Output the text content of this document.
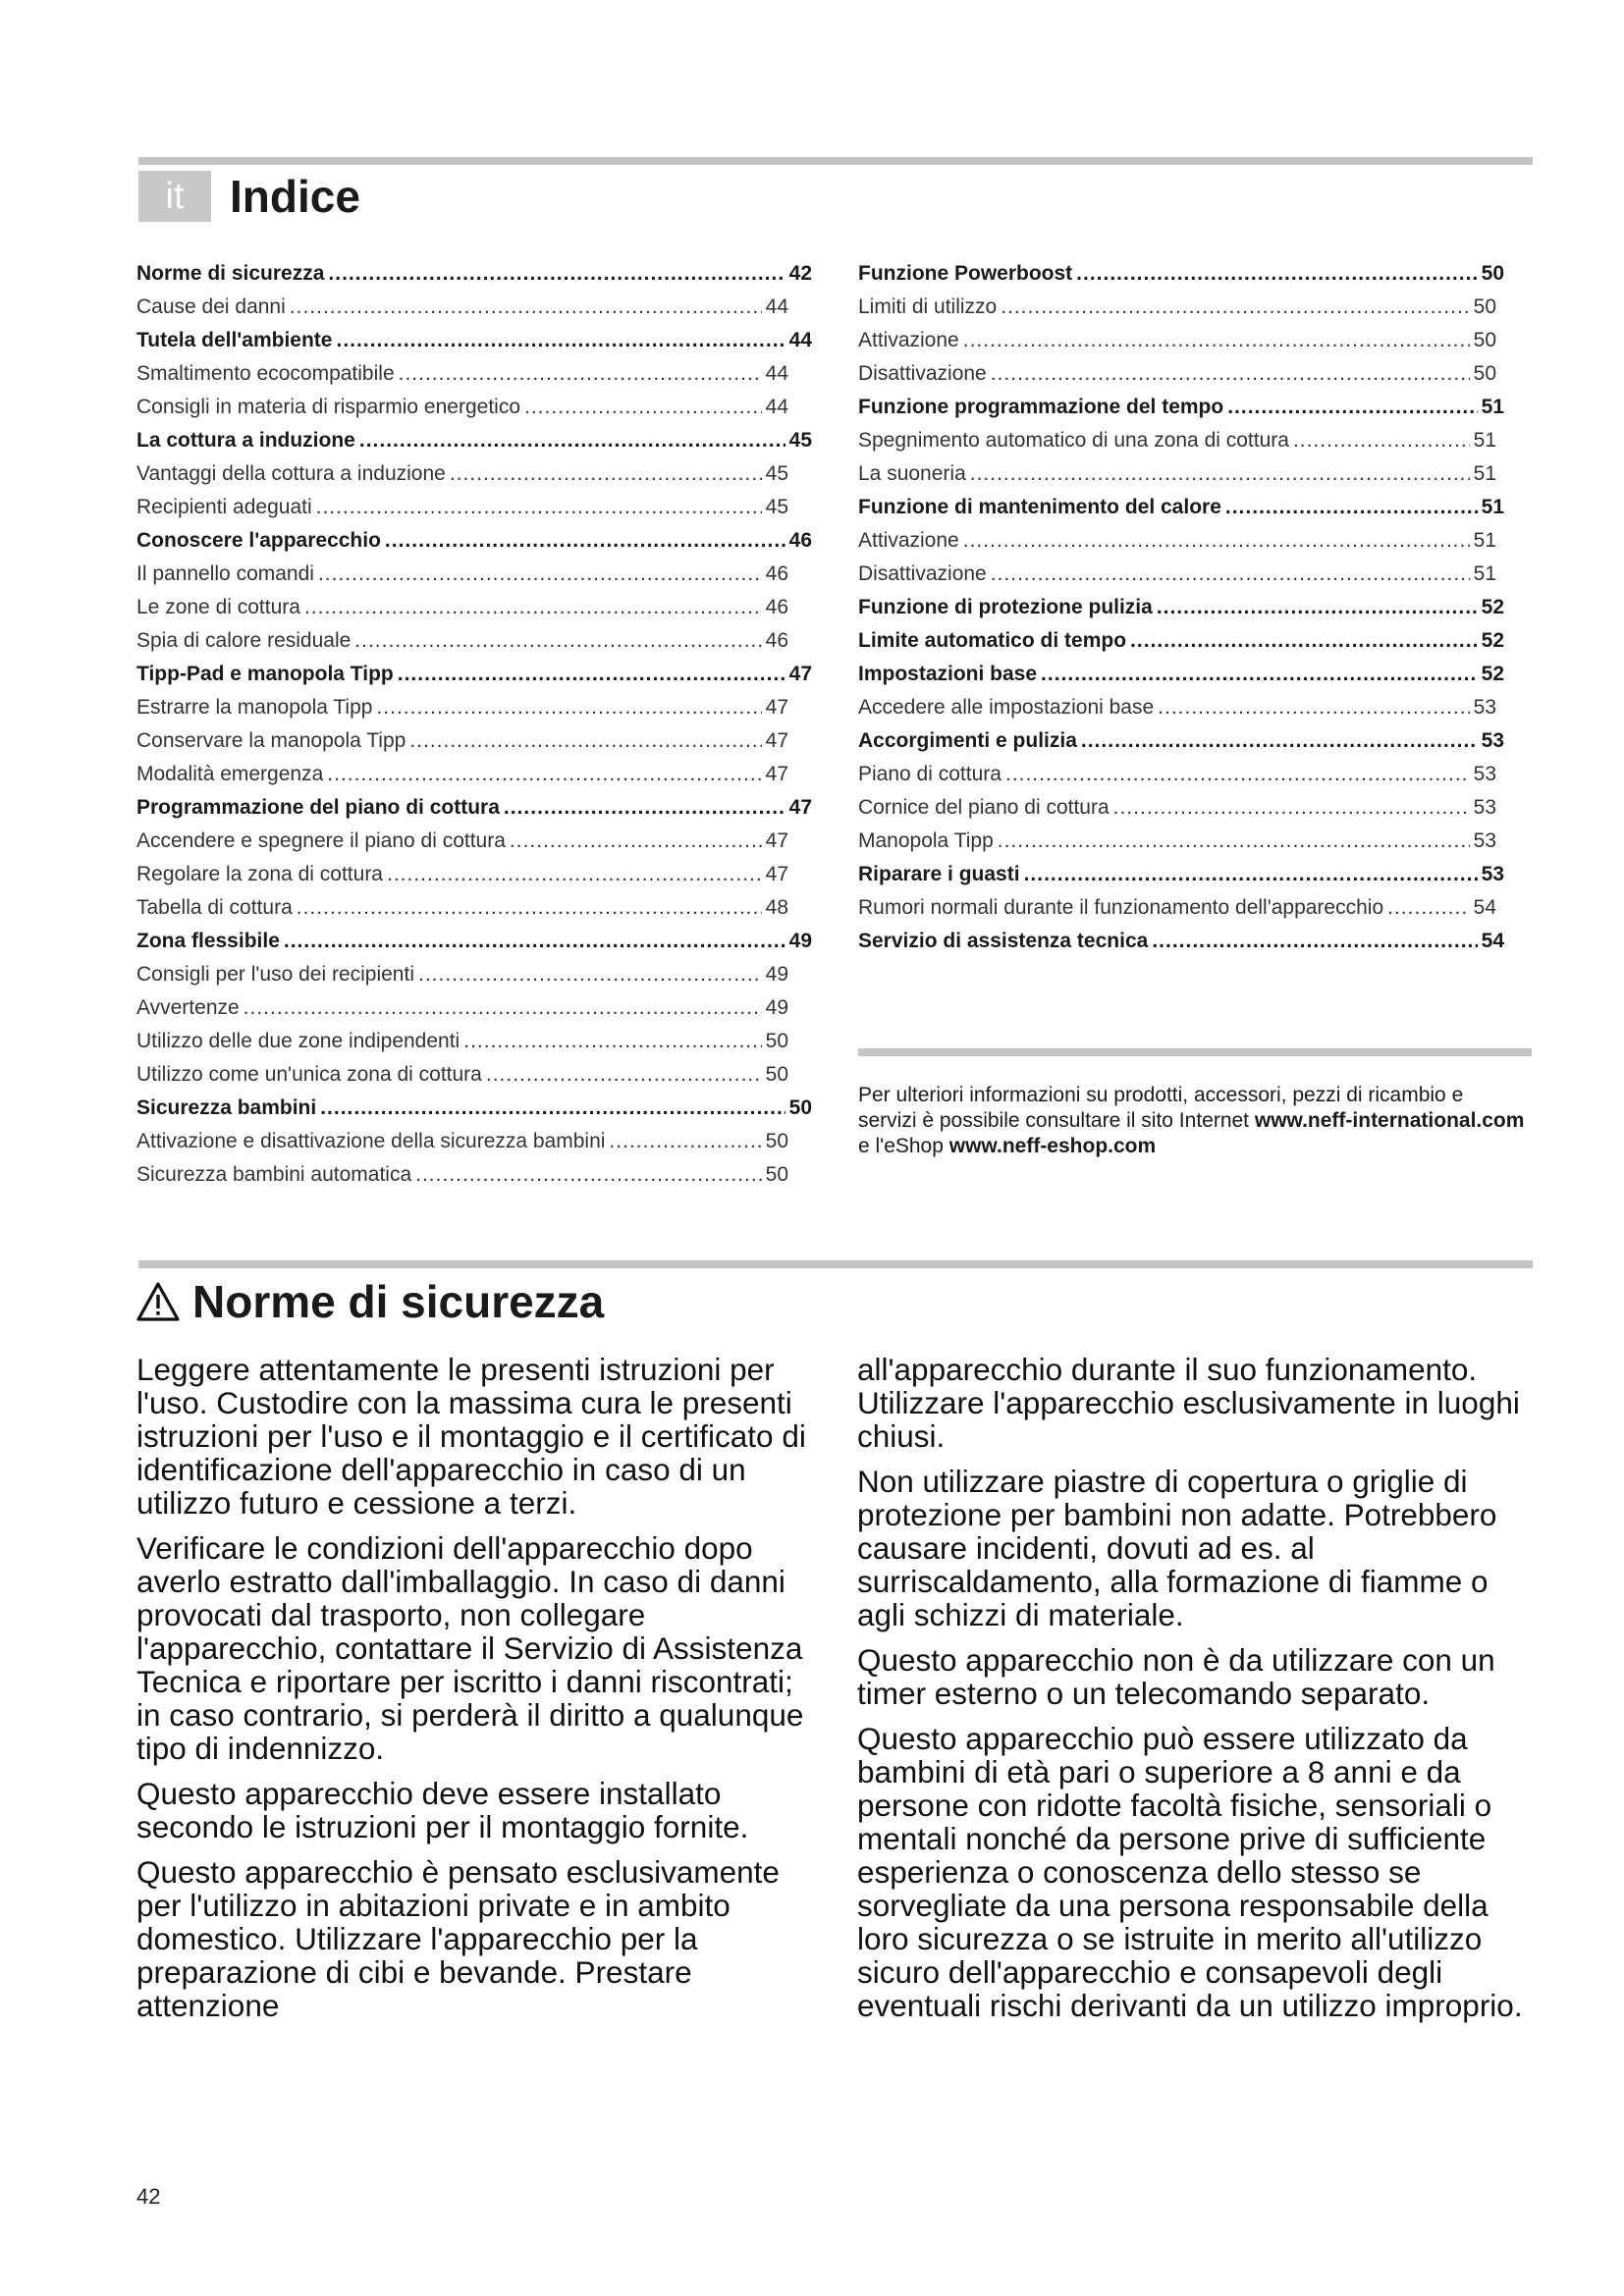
it	Indice
Norme di sicurezza .....	42
Cause dei danni .....	44
Tutela dell'ambiente .....	44
Smaltimento ecocompatibile .....	44
Consigli in materia di risparmio energetico .....	44
La cottura a induzione .....	45
Vantaggi della cottura a induzione .....	45
Recipienti adeguati .....	45
Conoscere l'apparecchio .....	46
Il pannello comandi .....	46
Le zone di cottura .....	46
Spia di calore residuale .....	46
Tipp-Pad e manopola Tipp .....	47
Estrarre la manopola Tipp .....	47
Conservare la manopola Tipp .....	47
Modalità emergenza .....	47
Programmazione del piano di cottura .....	47
Accendere e spegnere il piano di cottura .....	47
Regolare la zona di cottura .....	47
Tabella di cottura .....	48
Zona flessibile .....	49
Consigli per l'uso dei recipienti .....	49
Avvertenze .....	49
Utilizzo delle due zone indipendenti .....	50
Utilizzo come un'unica zona di cottura .....	50
Sicurezza bambini .....	50
Attivazione e disattivazione della sicurezza bambini .....	50
Sicurezza bambini automatica .....	50
Funzione Powerboost .....	50
Limiti di utilizzo .....	50
Attivazione .....	50
Disattivazione .....	50
Funzione programmazione del tempo .....	51
Spegnimento automatico di una zona di cottura .....	51
La suoneria .....	51
Funzione di mantenimento del calore .....	51
Attivazione .....	51
Disattivazione .....	51
Funzione di protezione pulizia .....	52
Limite automatico di tempo .....	52
Impostazioni base .....	52
Accedere alle impostazioni base .....	53
Accorgimenti e pulizia .....	53
Piano di cottura .....	53
Cornice del piano di cottura .....	53
Manopola Tipp .....	53
Riparare i guasti .....	53
Rumori normali durante il funzionamento dell'apparecchio .....	54
Servizio di assistenza tecnica .....	54
Per ulteriori informazioni su prodotti, accessori, pezzi di ricambio e servizi è possibile consultare il sito Internet www.neff-international.com e l'eShop www.neff-eshop.com
Norme di sicurezza

Leggere attentamente le presenti istruzioni per l'uso. Custodire con la massima cura le presenti istruzioni per l'uso e il montaggio e il certificato di identificazione dell'apparecchio in caso di un utilizzo futuro e cessione a terzi.

Verificare le condizioni dell'apparecchio dopo averlo estratto dall'imballaggio. In caso di danni provocati dal trasporto, non collegare l'apparecchio, contattare il Servizio di Assistenza Tecnica e riportare per iscritto i danni riscontrati; in caso contrario, si perderà il diritto a qualunque tipo di indennizzo.

Questo apparecchio deve essere installato secondo le istruzioni per il montaggio fornite.

Questo apparecchio è pensato esclusivamente per l'utilizzo in abitazioni private e in ambito domestico. Utilizzare l'apparecchio per la preparazione di cibi e bevande. Prestare attenzione

all'apparecchio durante il suo funzionamento. Utilizzare l'apparecchio esclusivamente in luoghi chiusi.

Non utilizzare piastre di copertura o griglie di protezione per bambini non adatte. Potrebbero causare incidenti, dovuti ad es. al surriscaldamento, alla formazione di fiamme o agli schizzi di materiale.

Questo apparecchio non è da utilizzare con un timer esterno o un telecomando separato.

Questo apparecchio può essere utilizzato da bambini di età pari o superiore a 8 anni e da persone con ridotte facoltà fisiche, sensoriali o mentali nonché da persone prive di sufficiente esperienza o conoscenza dello stesso se sorvegliate da una persona responsabile della loro sicurezza o se istruite in merito all'utilizzo sicuro dell'apparecchio e consapevoli degli eventuali rischi derivanti da un utilizzo improprio.

42
